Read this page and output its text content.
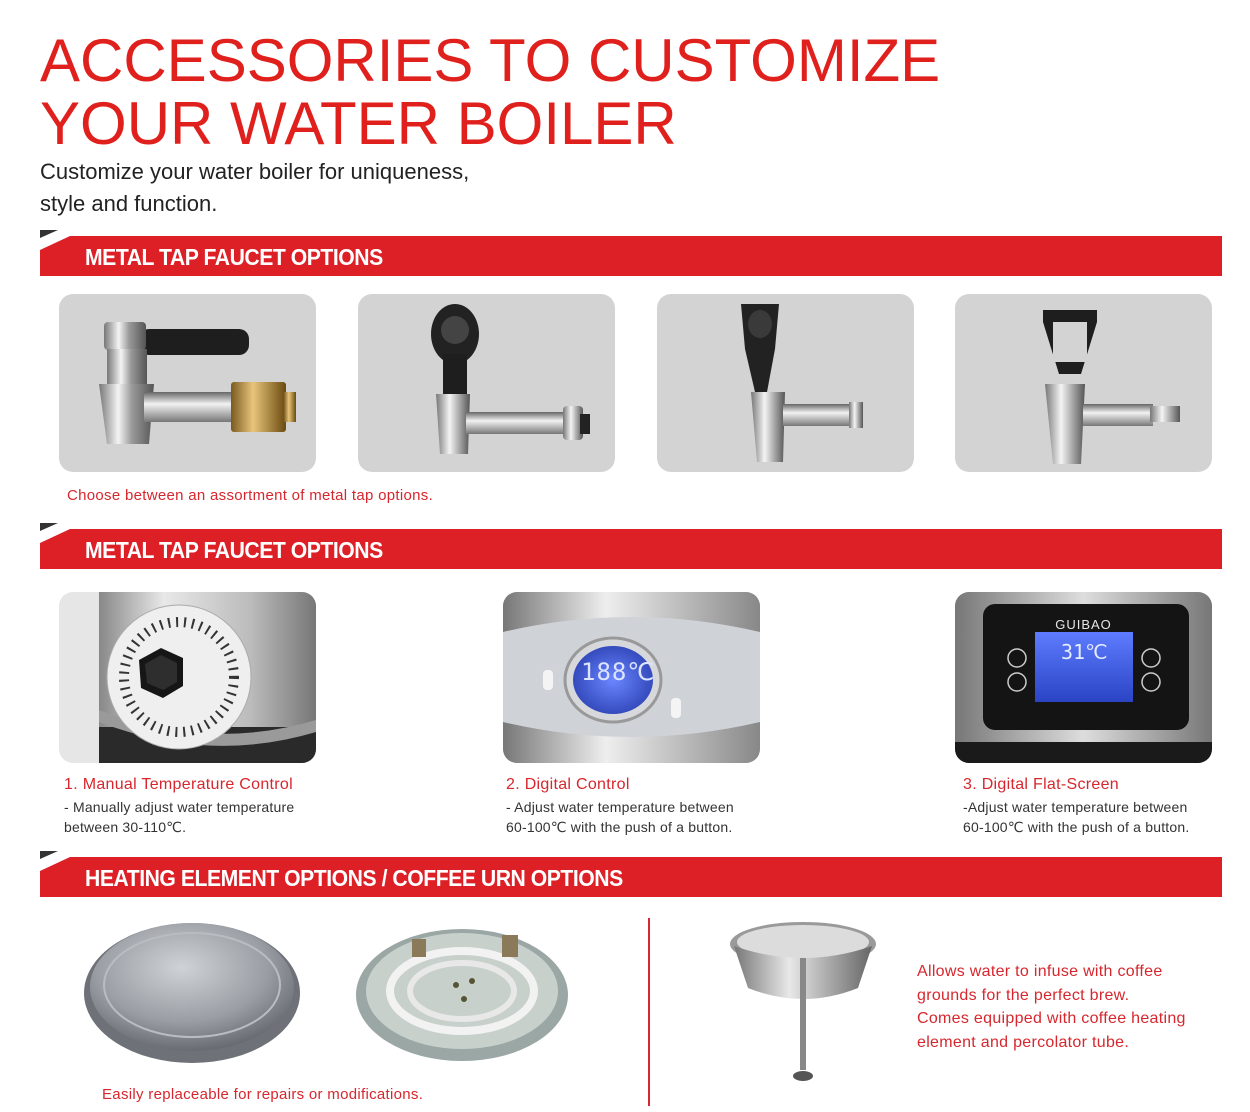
ACCESSORIES TO CUSTOMIZE
YOUR WATER BOILER
Customize your water boiler for uniqueness,
style and function.
METAL TAP FAUCET OPTIONS
Choose between an assortment of metal tap options.
METAL TAP FAUCET OPTIONS
188℃
GUIBAO
31℃
1. Manual Temperature Control
- Manually adjust water temperature
between 30-110℃.
2. Digital Control
- Adjust water temperature between
60-100℃ with the push of a button.
3. Digital Flat-Screen
-Adjust water temperature between
60-100℃ with the push of a button.
HEATING ELEMENT OPTIONS / COFFEE URN OPTIONS
Easily replaceable for repairs or modifications.
Allows water to infuse with coffee
grounds for the perfect brew.
Comes equipped with coffee heating
element and percolator tube.
